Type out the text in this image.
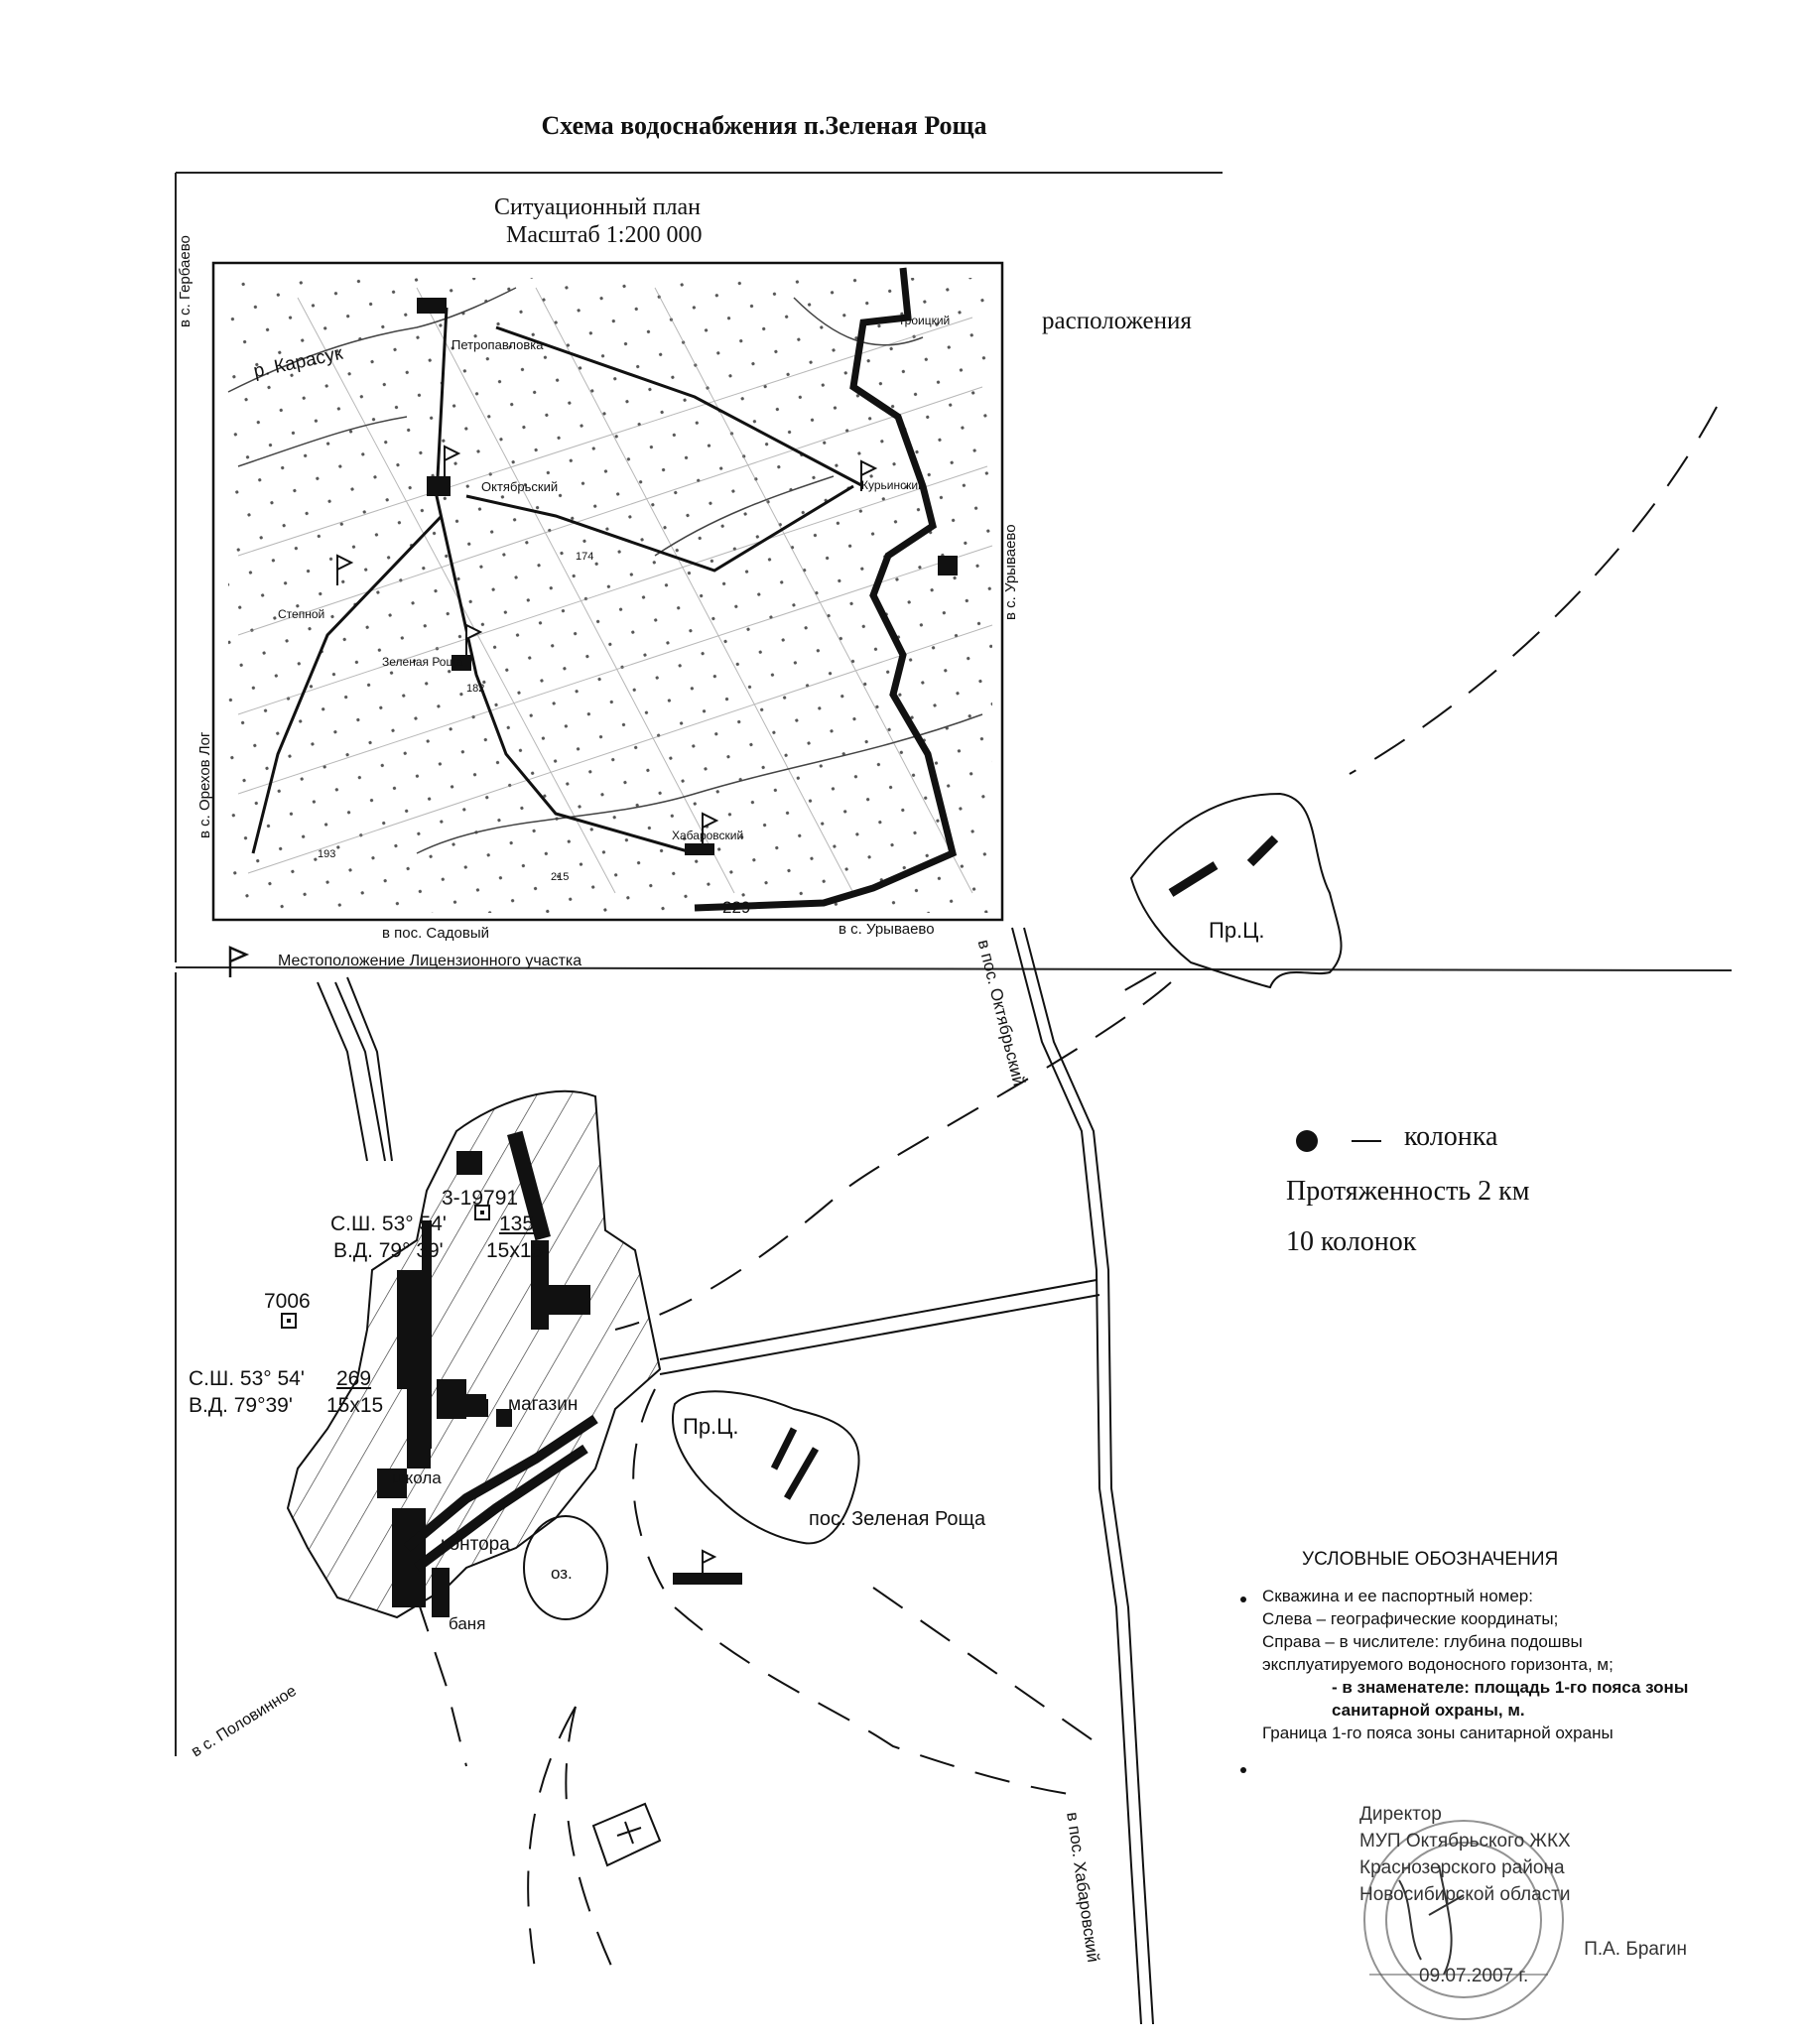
Схема водоснабжения п.Зеленая Роща
Ситуационный план
Масштаб 1:200 000
расположения
в с. Гербаево
р. Карасук	Петропавловка
Октябрьский
Троицкий
Курьинский
в с. Урываево
Степной
Зеленая Роща
в с. Орехов Лог	Хабаровский
в пос. Садовый	в с. Урываево
229
182
174
193
215
Местоположение Лицензионного участка	в пос. Октябрьский
в пос. Хабаровский
в с. Половинное
Пр.Ц.
Пр.Ц.
пос. Зеленая Роща
3-19791
С.Ш. 53° 54'
В.Д. 79° 39'
135
15х15
7006
С.Ш. 53° 54'
В.Д. 79°39'
269
15х15	магазин
школа
контора
баня
оз.
колонка
Протяженность 2 км
10 колонок
УСЛОВНЫЕ ОБОЗНАЧЕНИЯ
Скважина и ее паспортный номер:
Слева – географические координаты;
Справа – в числителе: глубина подошвы эксплуатируемого водоносного горизонта, м;
- в знаменателе: площадь 1-го пояса зоны санитарной охраны, м.
Граница 1-го пояса зоны санитарной охраны
Директор
МУП Октябрьского ЖКХ
Краснозерского района
Новосибирской области
П.А. Брагин
09.07.2007 г.
